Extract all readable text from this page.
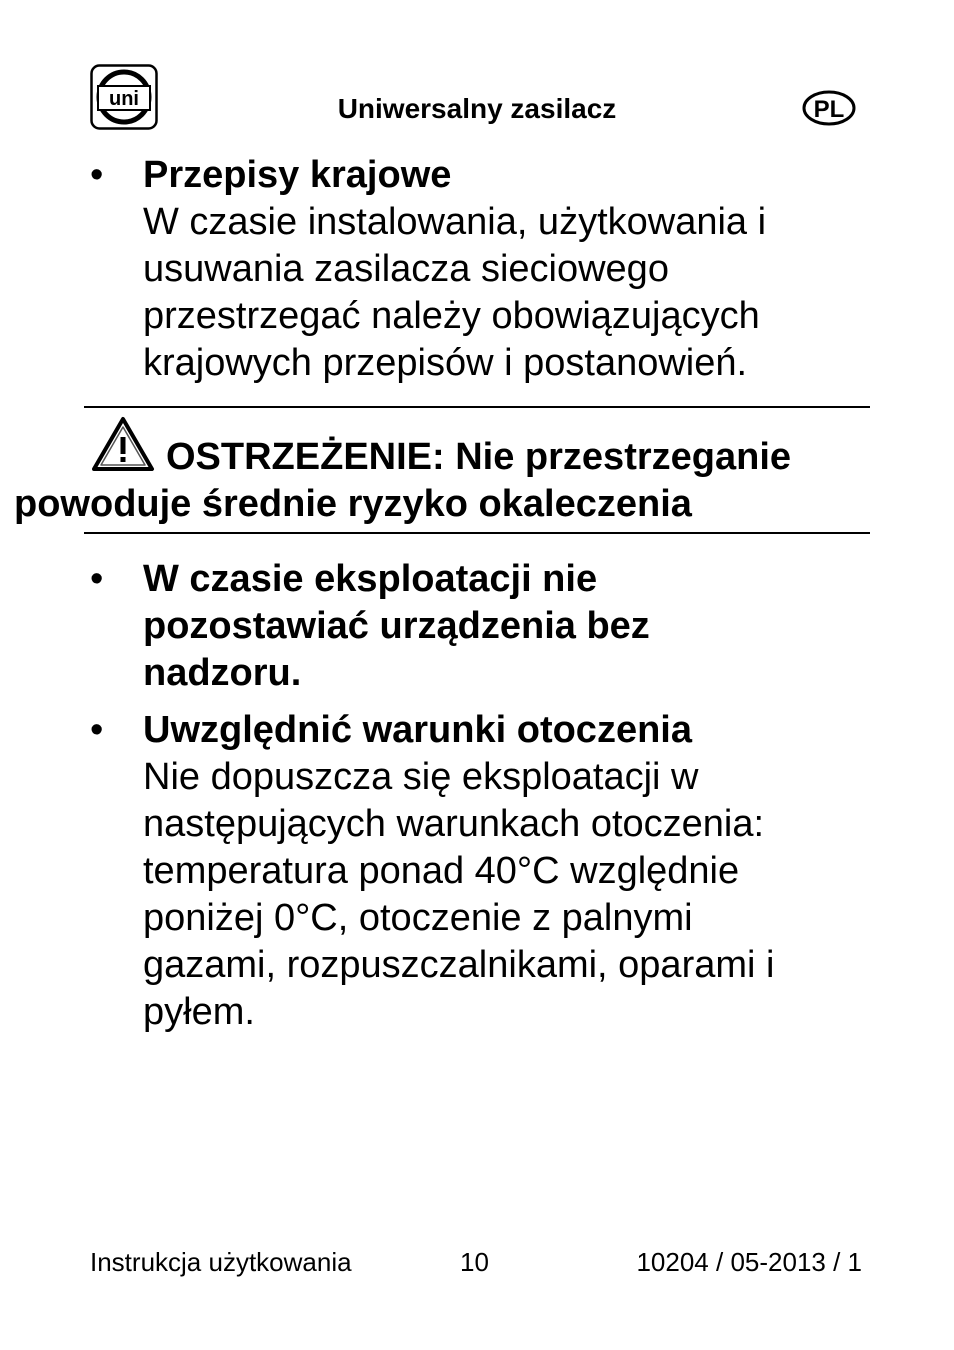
uni	Uniwersalny zasilacz	PL
• Przepisy krajowe
W czasie instalowania, użytkowania i
usuwania zasilacza sieciowego
przestrzegać należy obowiązujących
krajowych przepisów i postanowień.
OSTRZEŻENIE: Nie przestrzeganie
powoduje średnie ryzyko okaleczenia
• W czasie eksploatacji nie
pozostawiać urządzenia bez
nadzoru.
• Uwzględnić warunki otoczenia
Nie dopuszcza się eksploatacji w
następujących warunkach otoczenia:
temperatura ponad 40°C względnie
poniżej 0°C, otoczenie z palnymi
gazami, rozpuszczalnikami, oparami i
pyłem.
Instrukcja użytkowania	10	10204 / 05-2013 / 1
